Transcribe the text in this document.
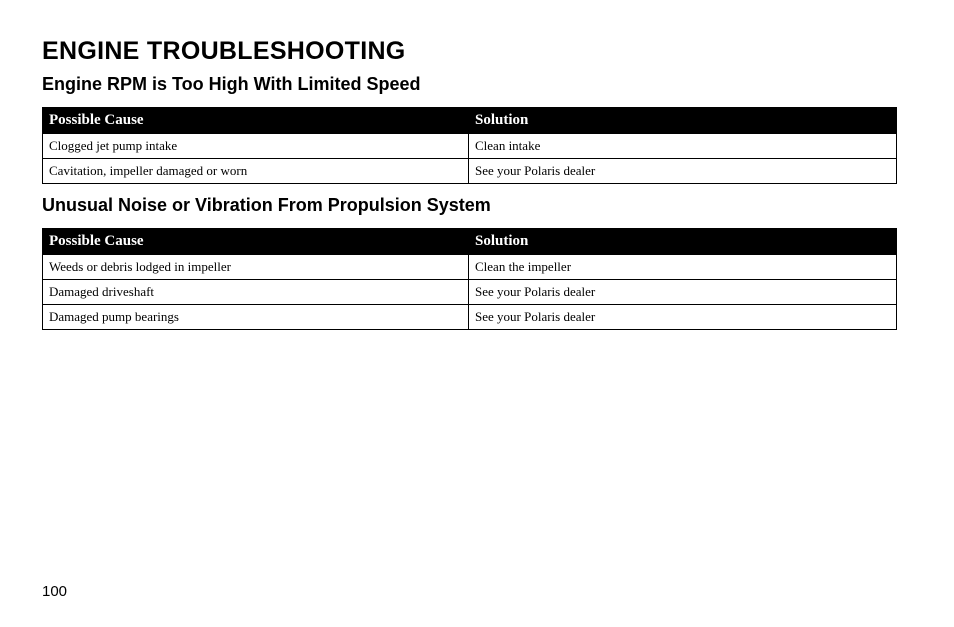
ENGINE TROUBLESHOOTING
Engine RPM is Too High With Limited Speed
Possible Cause	Solution
Clogged jet pump intake	Clean intake
Cavitation, impeller damaged or worn	See your Polaris dealer
Unusual Noise or Vibration From Propulsion System
Possible Cause	Solution
Weeds or debris lodged in impeller	Clean the impeller
Damaged driveshaft	See your Polaris dealer
Damaged pump bearings	See your Polaris dealer
100
